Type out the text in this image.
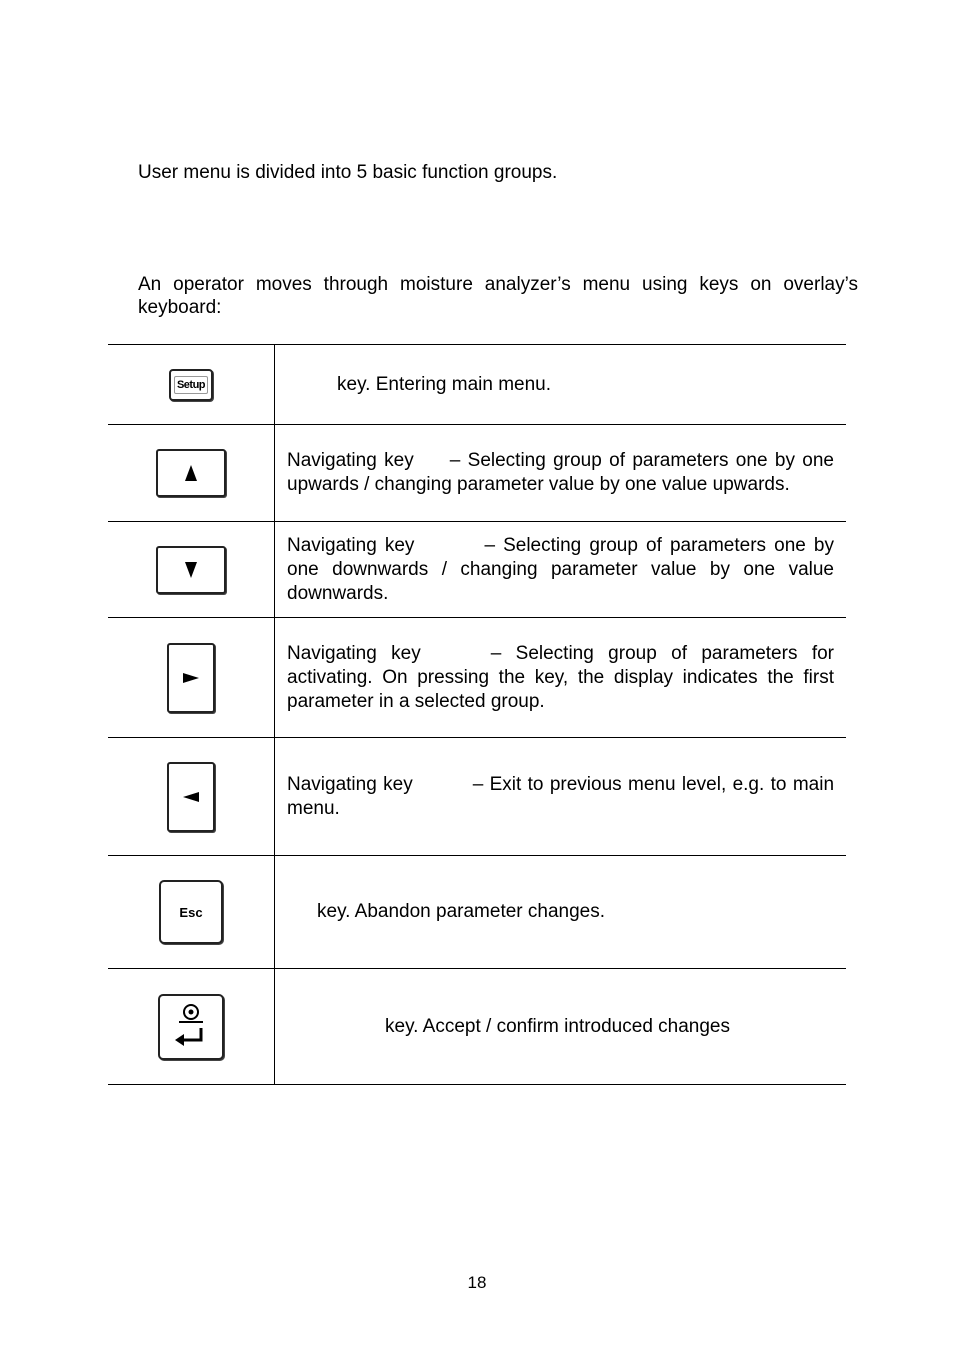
User menu is divided into 5 basic function groups.
An operator moves through moisture analyzer’s menu using keys on overlay’s keyboard:
Setup	key. Entering main menu.

	Navigating key – Selecting group of parameters one by one upwards / changing parameter value by one value upwards.

	Navigating key – Selecting group of parameters one by one downwards / changing parameter value by one value downwards.

	Navigating key – Selecting group of parameters for activating. On pressing the key, the display indicates the first parameter in a selected group.

	Navigating key – Exit to previous menu level, e.g. to main menu.
Esc	key. Abandon parameter changes.

	key. Accept / confirm introduced changes
18
